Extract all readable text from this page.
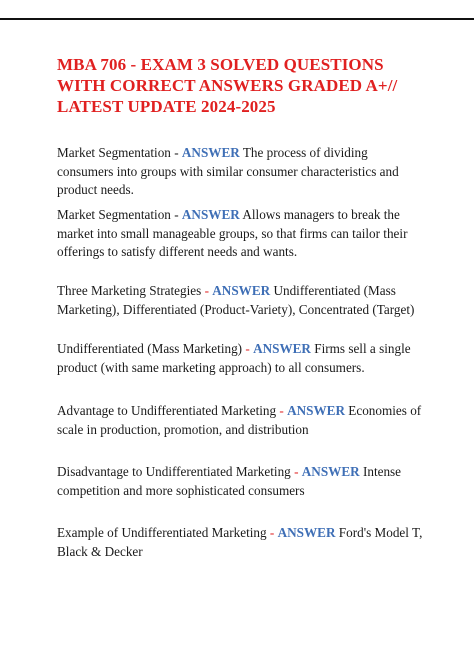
MBA 706 - EXAM 3 SOLVED QUESTIONS WITH CORRECT ANSWERS GRADED A+// LATEST UPDATE 2024-2025

Market Segmentation - ANSWER The process of dividing consumers into groups with similar consumer characteristics and product needs.

Market Segmentation - ANSWER Allows managers to break the market into small manageable groups, so that firms can tailor their offerings to satisfy different needs and wants.

Three Marketing Strategies - ANSWER Undifferentiated (Mass Marketing), Differentiated (Product-Variety), Concentrated (Target)

Undifferentiated (Mass Marketing) - ANSWER Firms sell a single product (with same marketing approach) to all consumers.

Advantage to Undifferentiated Marketing - ANSWER Economies of scale in production, promotion, and distribution

Disadvantage to Undifferentiated Marketing - ANSWER Intense competition and more sophisticated consumers

Example of Undifferentiated Marketing - ANSWER Ford's Model T, Black & Decker
